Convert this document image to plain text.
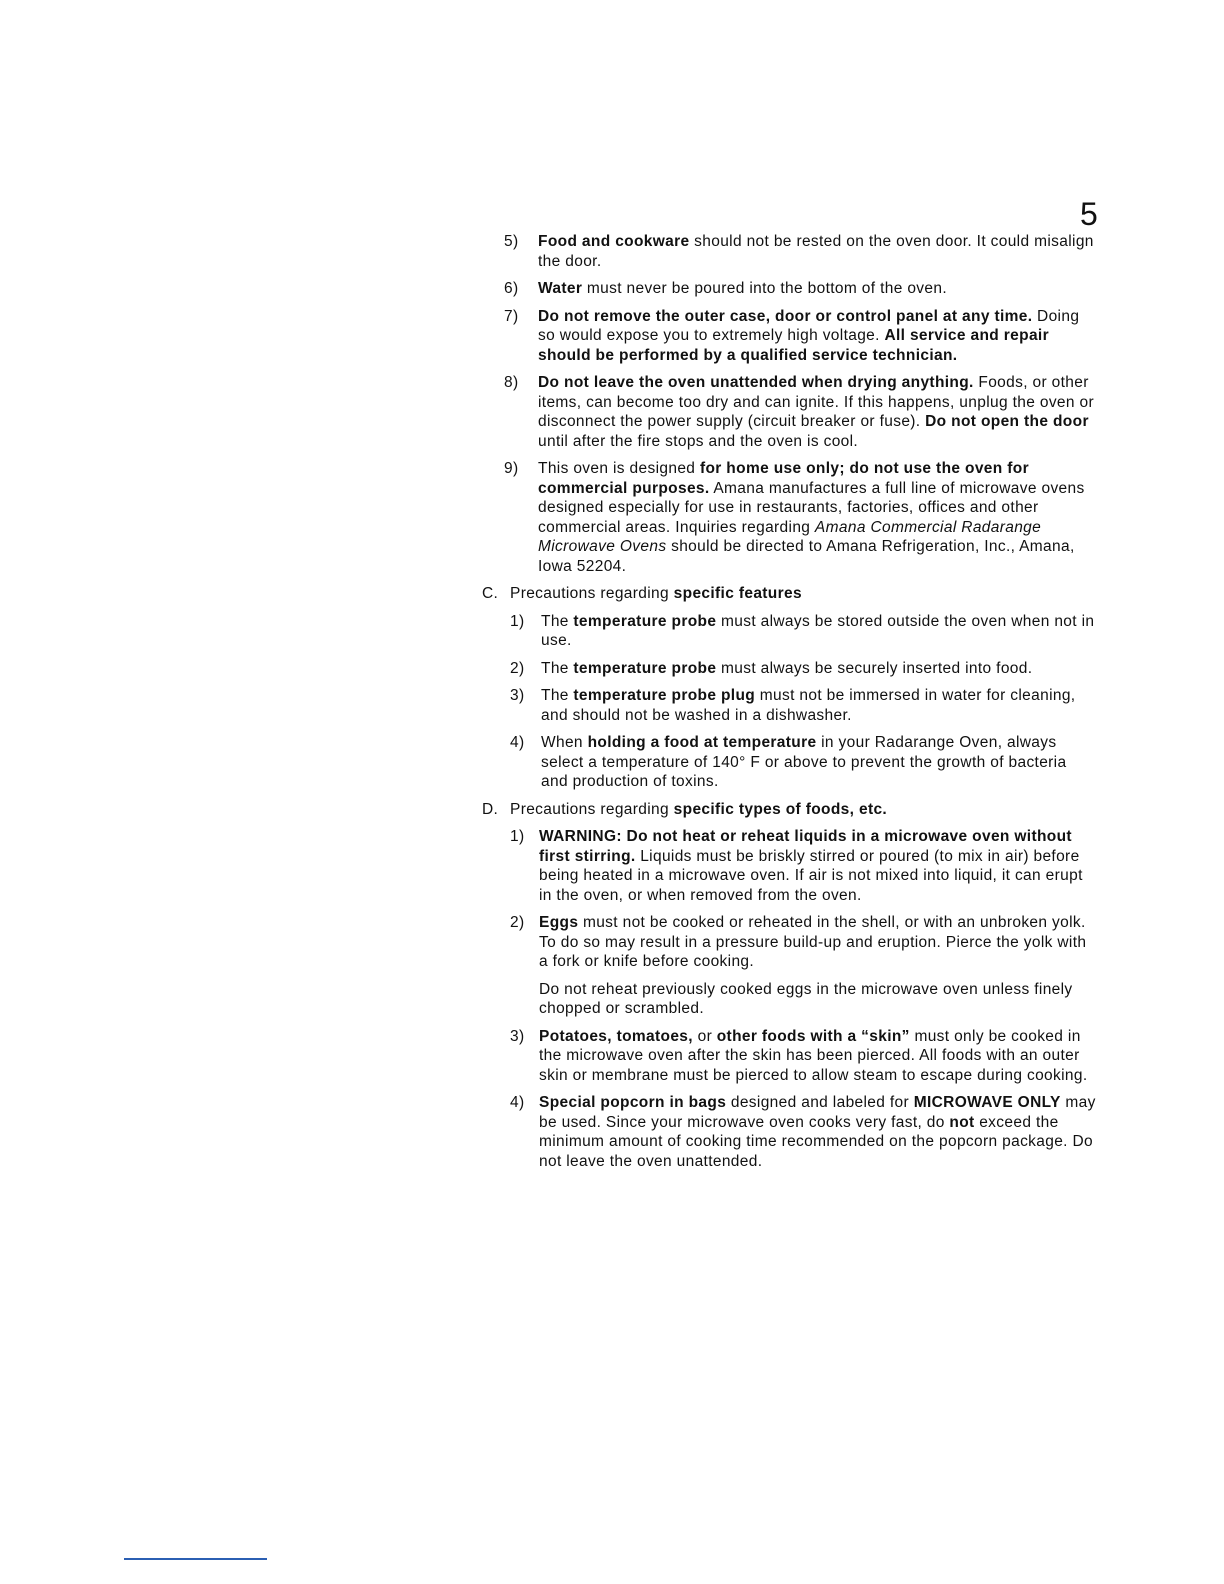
5
5) Food and cookware should not be rested on the oven door. It could misalign the door.
6) Water must never be poured into the bottom of the oven.
7) Do not remove the outer case, door or control panel at any time. Doing so would expose you to extremely high voltage. All service and repair should be performed by a qualified service technician.
8) Do not leave the oven unattended when drying anything. Foods, or other items, can become too dry and can ignite. If this happens, unplug the oven or disconnect the power supply (circuit breaker or fuse). Do not open the door until after the fire stops and the oven is cool.
9) This oven is designed for home use only; do not use the oven for commercial purposes. Amana manufactures a full line of microwave ovens designed especially for use in restaurants, factories, offices and other commercial areas. Inquiries regarding Amana Commercial Radarange Microwave Ovens should be directed to Amana Refrigeration, Inc., Amana, Iowa 52204.
C. Precautions regarding specific features
1) The temperature probe must always be stored outside the oven when not in use.
2) The temperature probe must always be securely inserted into food.
3) The temperature probe plug must not be immersed in water for cleaning, and should not be washed in a dishwasher.
4) When holding a food at temperature in your Radarange Oven, always select a temperature of 140° F or above to prevent the growth of bacteria and production of toxins.
D. Precautions regarding specific types of foods, etc.
1) WARNING: Do not heat or reheat liquids in a microwave oven without first stirring. Liquids must be briskly stirred or poured (to mix in air) before being heated in a microwave oven. If air is not mixed into liquid, it can erupt in the oven, or when removed from the oven.
2) Eggs must not be cooked or reheated in the shell, or with an unbroken yolk. To do so may result in a pressure build-up and eruption. Pierce the yolk with a fork or knife before cooking.
Do not reheat previously cooked eggs in the microwave oven unless finely chopped or scrambled.
3) Potatoes, tomatoes, or other foods with a “skin” must only be cooked in the microwave oven after the skin has been pierced. All foods with an outer skin or membrane must be pierced to allow steam to escape during cooking.
4) Special popcorn in bags designed and labeled for MICROWAVE ONLY may be used. Since your microwave oven cooks very fast, do not exceed the minimum amount of cooking time recommended on the popcorn package. Do not leave the oven unattended.
